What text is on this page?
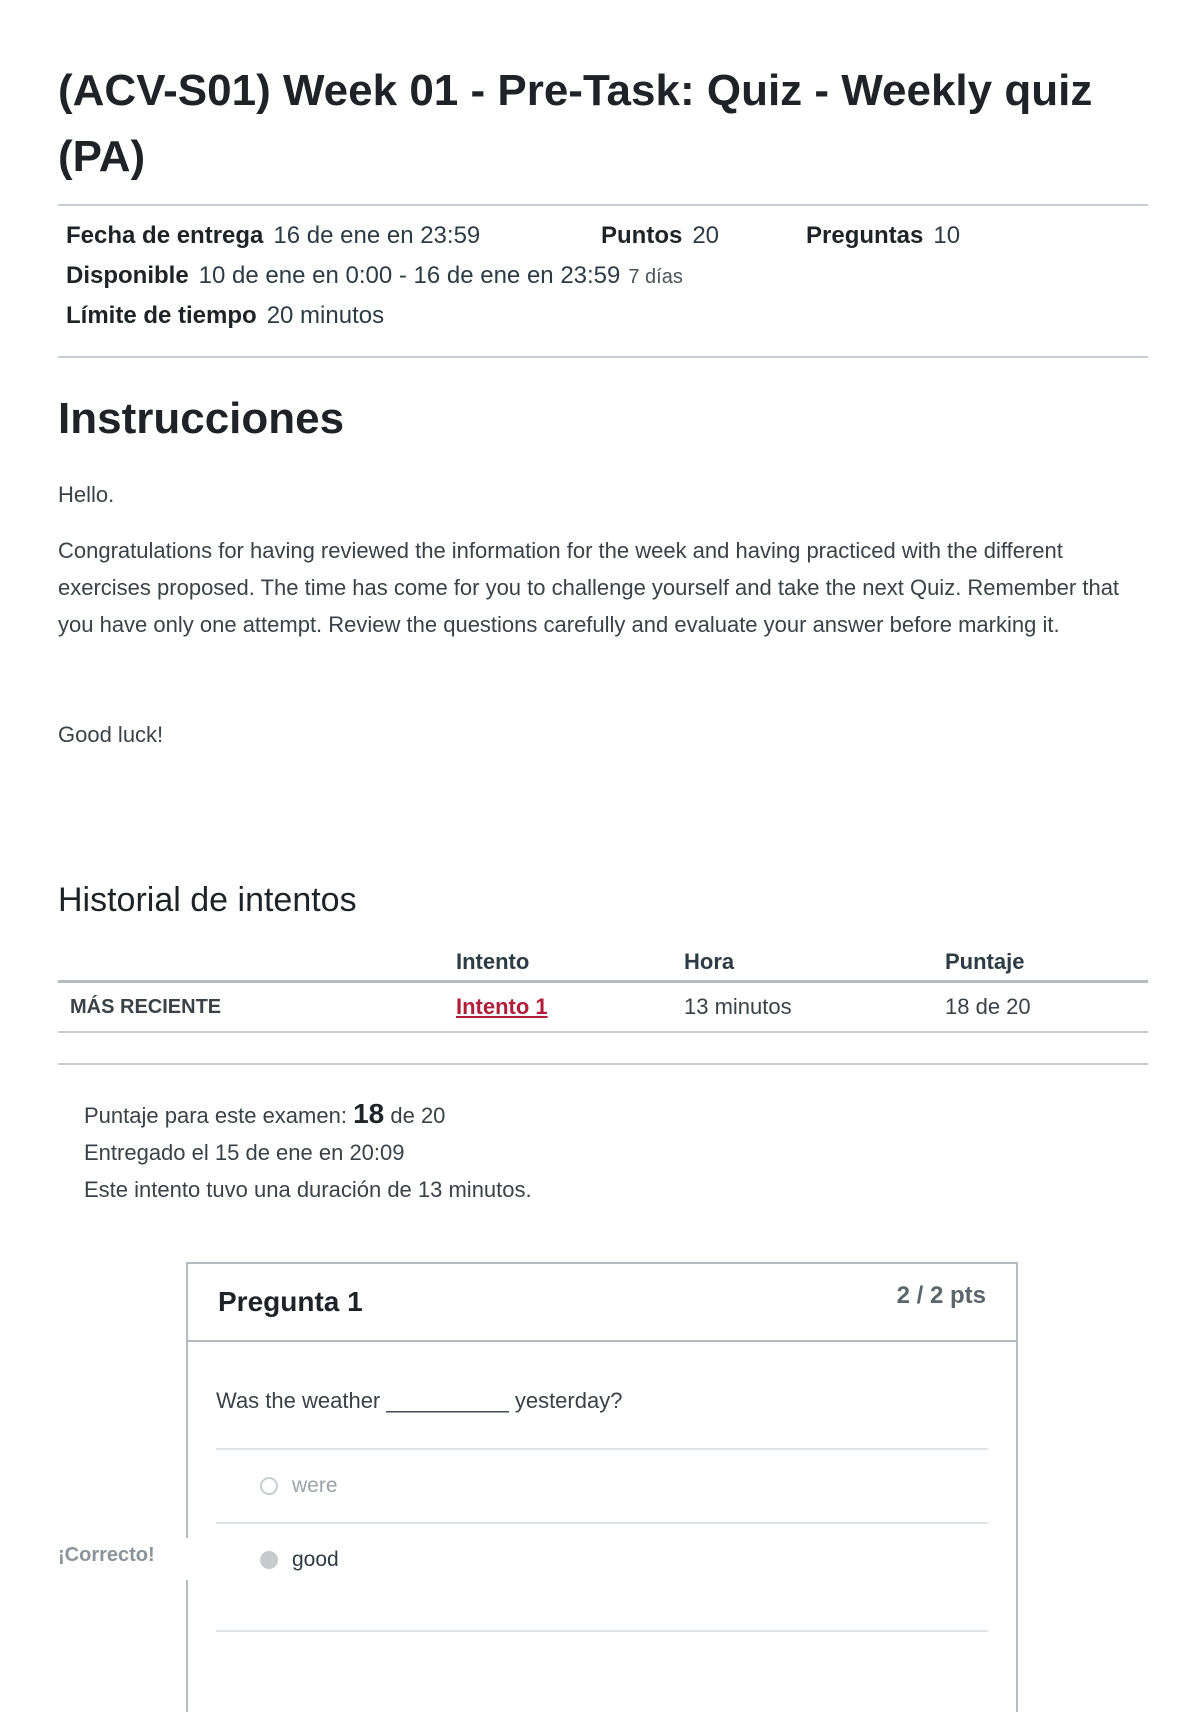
(ACV-S01) Week 01 - Pre-Task: Quiz - Weekly quiz (PA)
Fecha de entrega 16 de ene en 23:59	Puntos 20	Preguntas 10
Disponible 10 de ene en 0:00 - 16 de ene en 23:59 7 días
Límite de tiempo 20 minutos
Instrucciones

Hello.

Congratulations for having reviewed the information for the week and having practiced with the different exercises proposed. The time has come for you to challenge yourself and take the next Quiz. Remember that you have only one attempt. Review the questions carefully and evaluate your answer before marking it.

Good luck!

Historial de intentos
	Intento	Hora	Puntaje
MÁS RECIENTE	Intento 1	13 minutos	18 de 20
Puntaje para este examen: 18 de 20
Entregado el 15 de ene en 20:09
Este intento tuvo una duración de 13 minutos.
Pregunta 1	2 / 2 pts
Was the weather __________ yesterday?
were
good
¡Correcto!
